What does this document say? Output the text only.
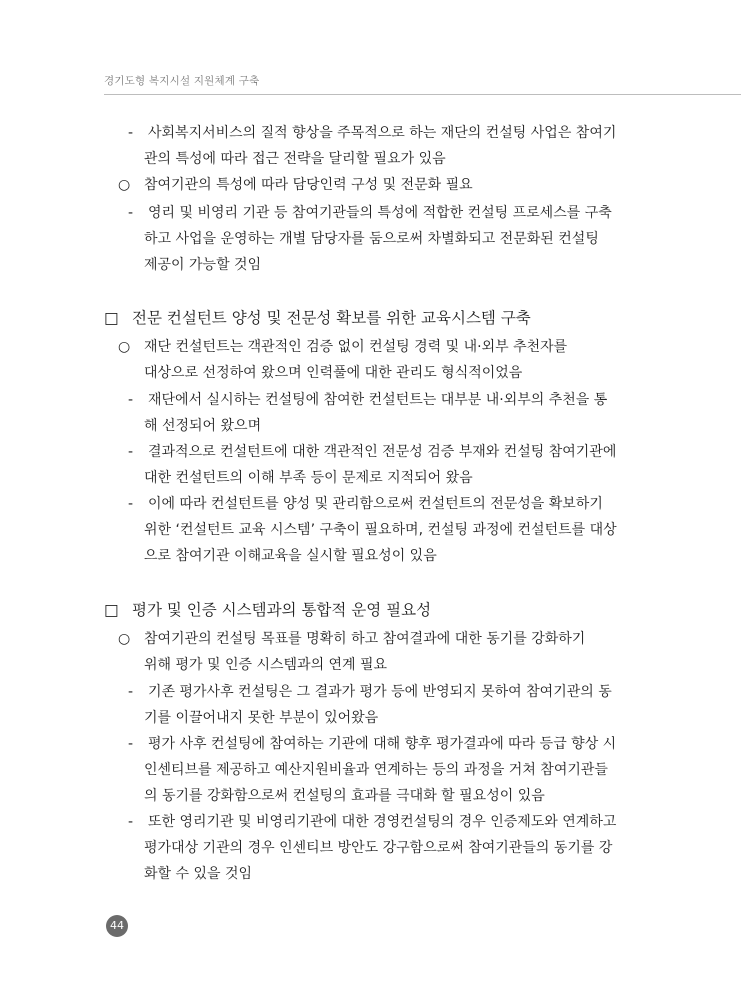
경기도형 복지시설 지원체계 구축
- 사회복지서비스의 질적 향상을 주목적으로 하는 재단의 컨설팅 사업은 참여기
관의 특성에 따라 접근 전략을 달리할 필요가 있음
○ 참여기관의 특성에 따라 담당인력 구성 및 전문화 필요
- 영리 및 비영리 기관 등 참여기관들의 특성에 적합한 컨설팅 프로세스를 구축
하고 사업을 운영하는 개별 담당자를 둠으로써 차별화되고 전문화된 컨설팅
제공이 가능할 것임
□ 전문 컨설턴트 양성 및 전문성 확보를 위한 교육시스템 구축
○ 재단 컨설턴트는 객관적인 검증 없이 컨설팅 경력 및 내·외부 추천자를
대상으로 선정하여 왔으며 인력풀에 대한 관리도 형식적이었음
- 재단에서 실시하는 컨설팅에 참여한 컨설턴트는 대부분 내·외부의 추천을 통
해 선정되어 왔으며
- 결과적으로 컨설턴트에 대한 객관적인 전문성 검증 부재와 컨설팅 참여기관에
대한 컨설턴트의 이해 부족 등이 문제로 지적되어 왔음
- 이에 따라 컨설턴트를 양성 및 관리함으로써 컨설턴트의 전문성을 확보하기
위한 ‘컨설턴트 교육 시스템’ 구축이 필요하며, 컨설팅 과정에 컨설턴트를 대상
으로 참여기관 이해교육을 실시할 필요성이 있음
□ 평가 및 인증 시스템과의 통합적 운영 필요성
○ 참여기관의 컨설팅 목표를 명확히 하고 참여결과에 대한 동기를 강화하기
위해 평가 및 인증 시스템과의 연계 필요
- 기존 평가사후 컨설팅은 그 결과가 평가 등에 반영되지 못하여 참여기관의 동
기를 이끌어내지 못한 부분이 있어왔음
- 평가 사후 컨설팅에 참여하는 기관에 대해 향후 평가결과에 따라 등급 향상 시
인센티브를 제공하고 예산지원비율과 연계하는 등의 과정을 거쳐 참여기관들
의 동기를 강화함으로써 컨설팅의 효과를 극대화 할 필요성이 있음
- 또한 영리기관 및 비영리기관에 대한 경영컨설팅의 경우 인증제도와 연계하고
평가대상 기관의 경우 인센티브 방안도 강구함으로써 참여기관들의 동기를 강
화할 수 있을 것임
44
